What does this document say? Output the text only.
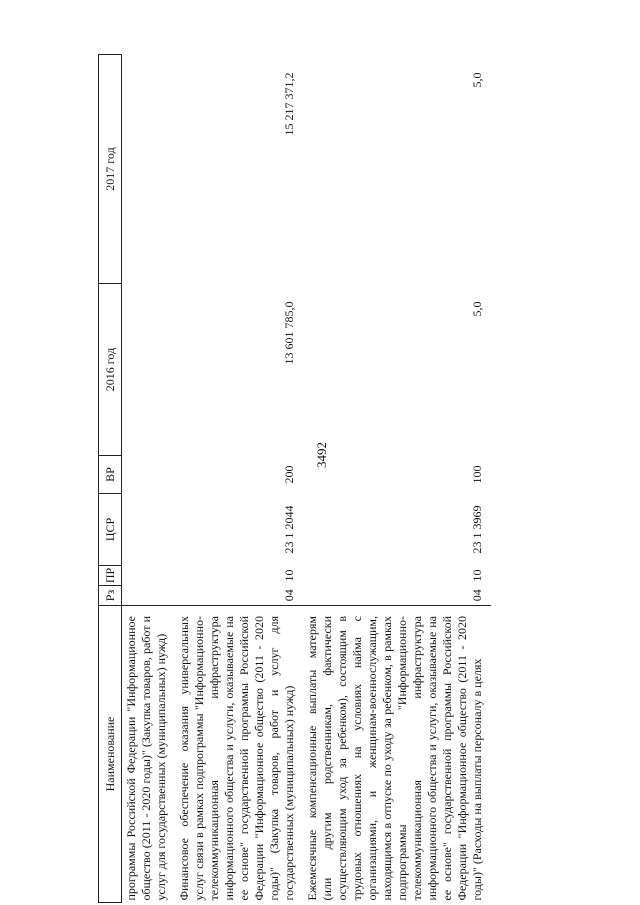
3492
Наименование	Рз	ПР	ЦСР	ВР	2016 год	2017 год
программы Российской Федерации "Информационное общество (2011 - 2020 годы)" (Закупка товаров, работ и услуг для государственных (муниципальных) нужд)						
Финансовое обеспечение оказания универсальных услуг связи в рамках подпрограммы "Информационно-телекоммуникационная инфраструктура информационного общества и услуги, оказываемые на ее основе" государственной программы Российской Федерации "Информационное общество (2011 - 2020 годы)" (Закупка товаров, работ и услуг для государственных (муниципальных) нужд)	04	10	23 1 2044	200	13 601 785,0	15 217 371,2
Ежемесячные компенсационные выплаты матерям (или другим родственникам, фактически осуществляющим уход за ребенком), состоящим в трудовых отношениях на условиях найма с организациями, и женщинам-военнослужащим, находящимся в отпуске по уходу за ребенком, в рамках подпрограммы "Информационно-телекоммуникационная инфраструктура информационного общества и услуги, оказываемые на ее основе" государственной программы Российской Федерации "Информационное общество (2011 - 2020 годы)" (Расходы на выплаты персоналу в целях	04	10	23 1 3969	100	5,0	5,0
